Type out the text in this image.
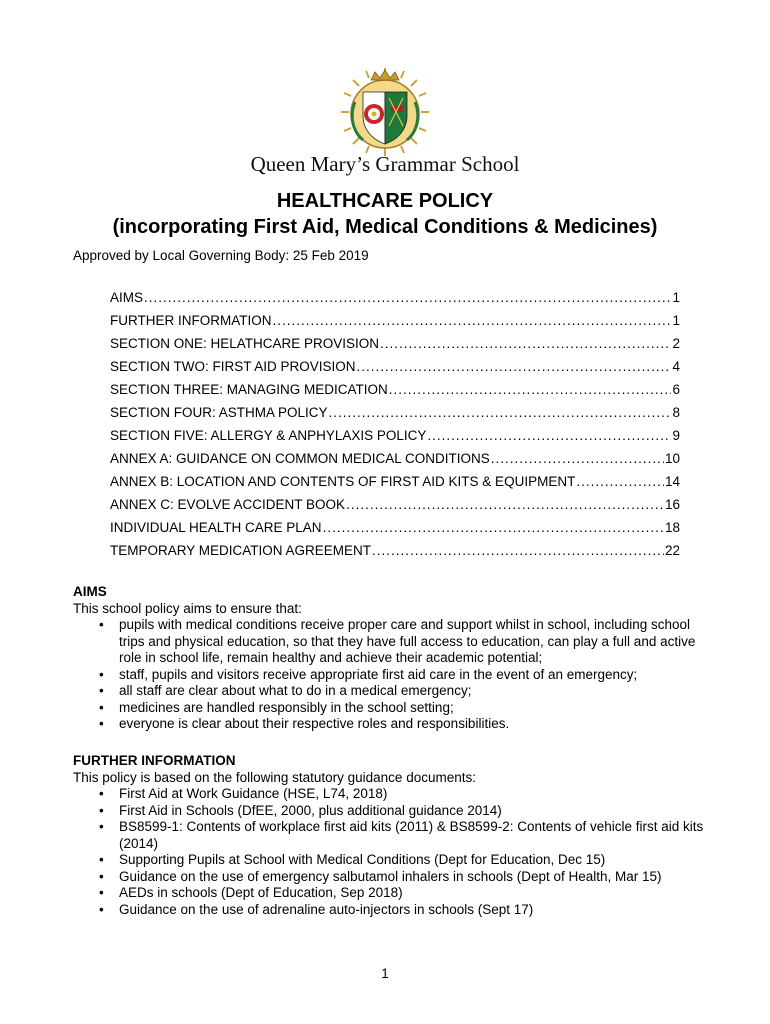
Queen Mary’s Grammar School
HEALTHCARE POLICY
(incorporating First Aid, Medical Conditions & Medicines)
Approved by Local Governing Body: 25 Feb 2019
AIMS .....	1
FURTHER INFORMATION .....	1
SECTION ONE: HELATHCARE PROVISION .....	2
SECTION TWO: FIRST AID PROVISION .....	4
SECTION THREE: MANAGING MEDICATION .....	6
SECTION FOUR: ASTHMA POLICY .....	8
SECTION FIVE: ALLERGY & ANPHYLAXIS POLICY .....	9
ANNEX A: GUIDANCE ON COMMON MEDICAL CONDITIONS .....	10
ANNEX B: LOCATION AND CONTENTS OF FIRST AID KITS & EQUIPMENT .....	14
ANNEX C: EVOLVE ACCIDENT BOOK .....	16
INDIVIDUAL HEALTH CARE PLAN .....	18
TEMPORARY MEDICATION AGREEMENT .....	22
AIMS

This school policy aims to ensure that:

• pupils with medical conditions receive proper care and support whilst in school, including school trips and physical education, so that they have full access to education, can play a full and active role in school life, remain healthy and achieve their academic potential;
• staff, pupils and visitors receive appropriate first aid care in the event of an emergency;
• all staff are clear about what to do in a medical emergency;
• medicines are handled responsibly in the school setting;
• everyone is clear about their respective roles and responsibilities.
FURTHER INFORMATION

This policy is based on the following statutory guidance documents:

• First Aid at Work Guidance (HSE, L74, 2018)
• First Aid in Schools (DfEE, 2000, plus additional guidance 2014)
• BS8599-1: Contents of workplace first aid kits (2011) & BS8599-2: Contents of vehicle first aid kits (2014)
• Supporting Pupils at School with Medical Conditions (Dept for Education, Dec 15)
• Guidance on the use of emergency salbutamol inhalers in schools (Dept of Health, Mar 15)
• AEDs in schools (Dept of Education, Sep 2018)
• Guidance on the use of adrenaline auto-injectors in schools (Sept 17)
1
